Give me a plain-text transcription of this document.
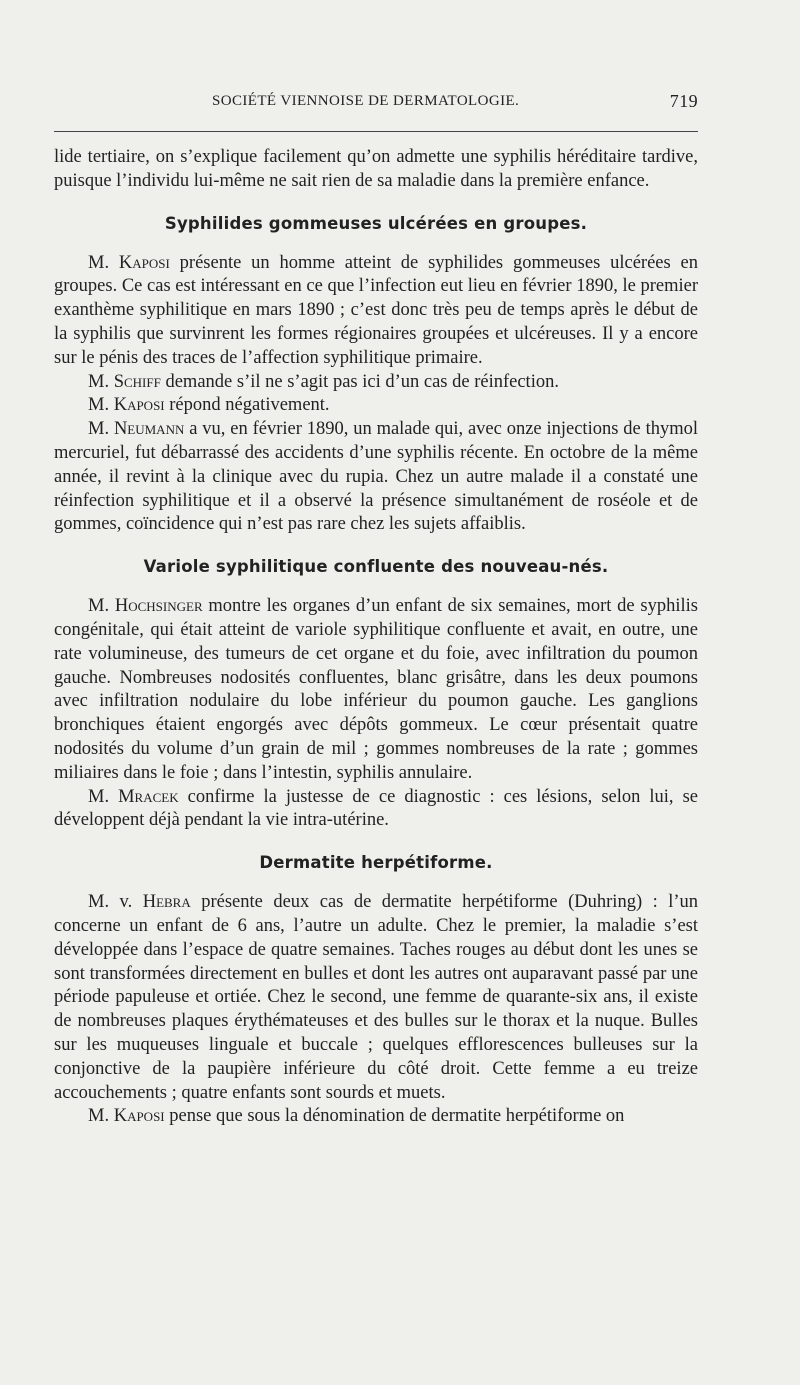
SOCIÉTÉ VIENNOISE DE DERMATOLOGIE.	719

lide tertiaire, on s’explique facilement qu’on admette une syphilis héréditaire tardive, puisque l’individu lui-même ne sait rien de sa maladie dans la première enfance.

Syphilides gommeuses ulcérées en groupes.

M. Kaposi présente un homme atteint de syphilides gommeuses ulcérées en groupes. Ce cas est intéressant en ce que l’infection eut lieu en février 1890, le premier exanthème syphilitique en mars 1890 ; c’est donc très peu de temps après le début de la syphilis que survinrent les formes régionaires groupées et ulcéreuses. Il y a encore sur le pénis des traces de l’affection syphilitique primaire.

M. Schiff demande s’il ne s’agit pas ici d’un cas de réinfection.

M. Kaposi répond négativement.

M. Neumann a vu, en février 1890, un malade qui, avec onze injections de thymol mercuriel, fut débarrassé des accidents d’une syphilis récente. En octobre de la même année, il revint à la clinique avec du rupia. Chez un autre malade il a constaté une réinfection syphilitique et il a observé la présence simultanément de roséole et de gommes, coïncidence qui n’est pas rare chez les sujets affaiblis.

Variole syphilitique confluente des nouveau-nés.

M. Hochsinger montre les organes d’un enfant de six semaines, mort de syphilis congénitale, qui était atteint de variole syphilitique confluente et avait, en outre, une rate volumineuse, des tumeurs de cet organe et du foie, avec infiltration du poumon gauche. Nombreuses nodosités confluentes, blanc grisâtre, dans les deux poumons avec infiltration nodulaire du lobe inférieur du poumon gauche. Les ganglions bronchiques étaient engorgés avec dépôts gommeux. Le cœur présentait quatre nodosités du volume d’un grain de mil ; gommes nombreuses de la rate ; gommes miliaires dans le foie ; dans l’intestin, syphilis annulaire.

M. Mracek confirme la justesse de ce diagnostic : ces lésions, selon lui, se développent déjà pendant la vie intra-utérine.

Dermatite herpétiforme.

M. v. Hebra présente deux cas de dermatite herpétiforme (Duhring) : l’un concerne un enfant de 6 ans, l’autre un adulte. Chez le premier, la maladie s’est développée dans l’espace de quatre semaines. Taches rouges au début dont les unes se sont transformées directement en bulles et dont les autres ont auparavant passé par une période papuleuse et ortiée. Chez le second, une femme de quarante-six ans, il existe de nombreuses plaques érythémateuses et des bulles sur le thorax et la nuque. Bulles sur les muqueuses linguale et buccale ; quelques efflorescences bulleuses sur la conjonctive de la paupière inférieure du côté droit. Cette femme a eu treize accouchements ; quatre enfants sont sourds et muets.

M. Kaposi pense que sous la dénomination de dermatite herpétiforme on
